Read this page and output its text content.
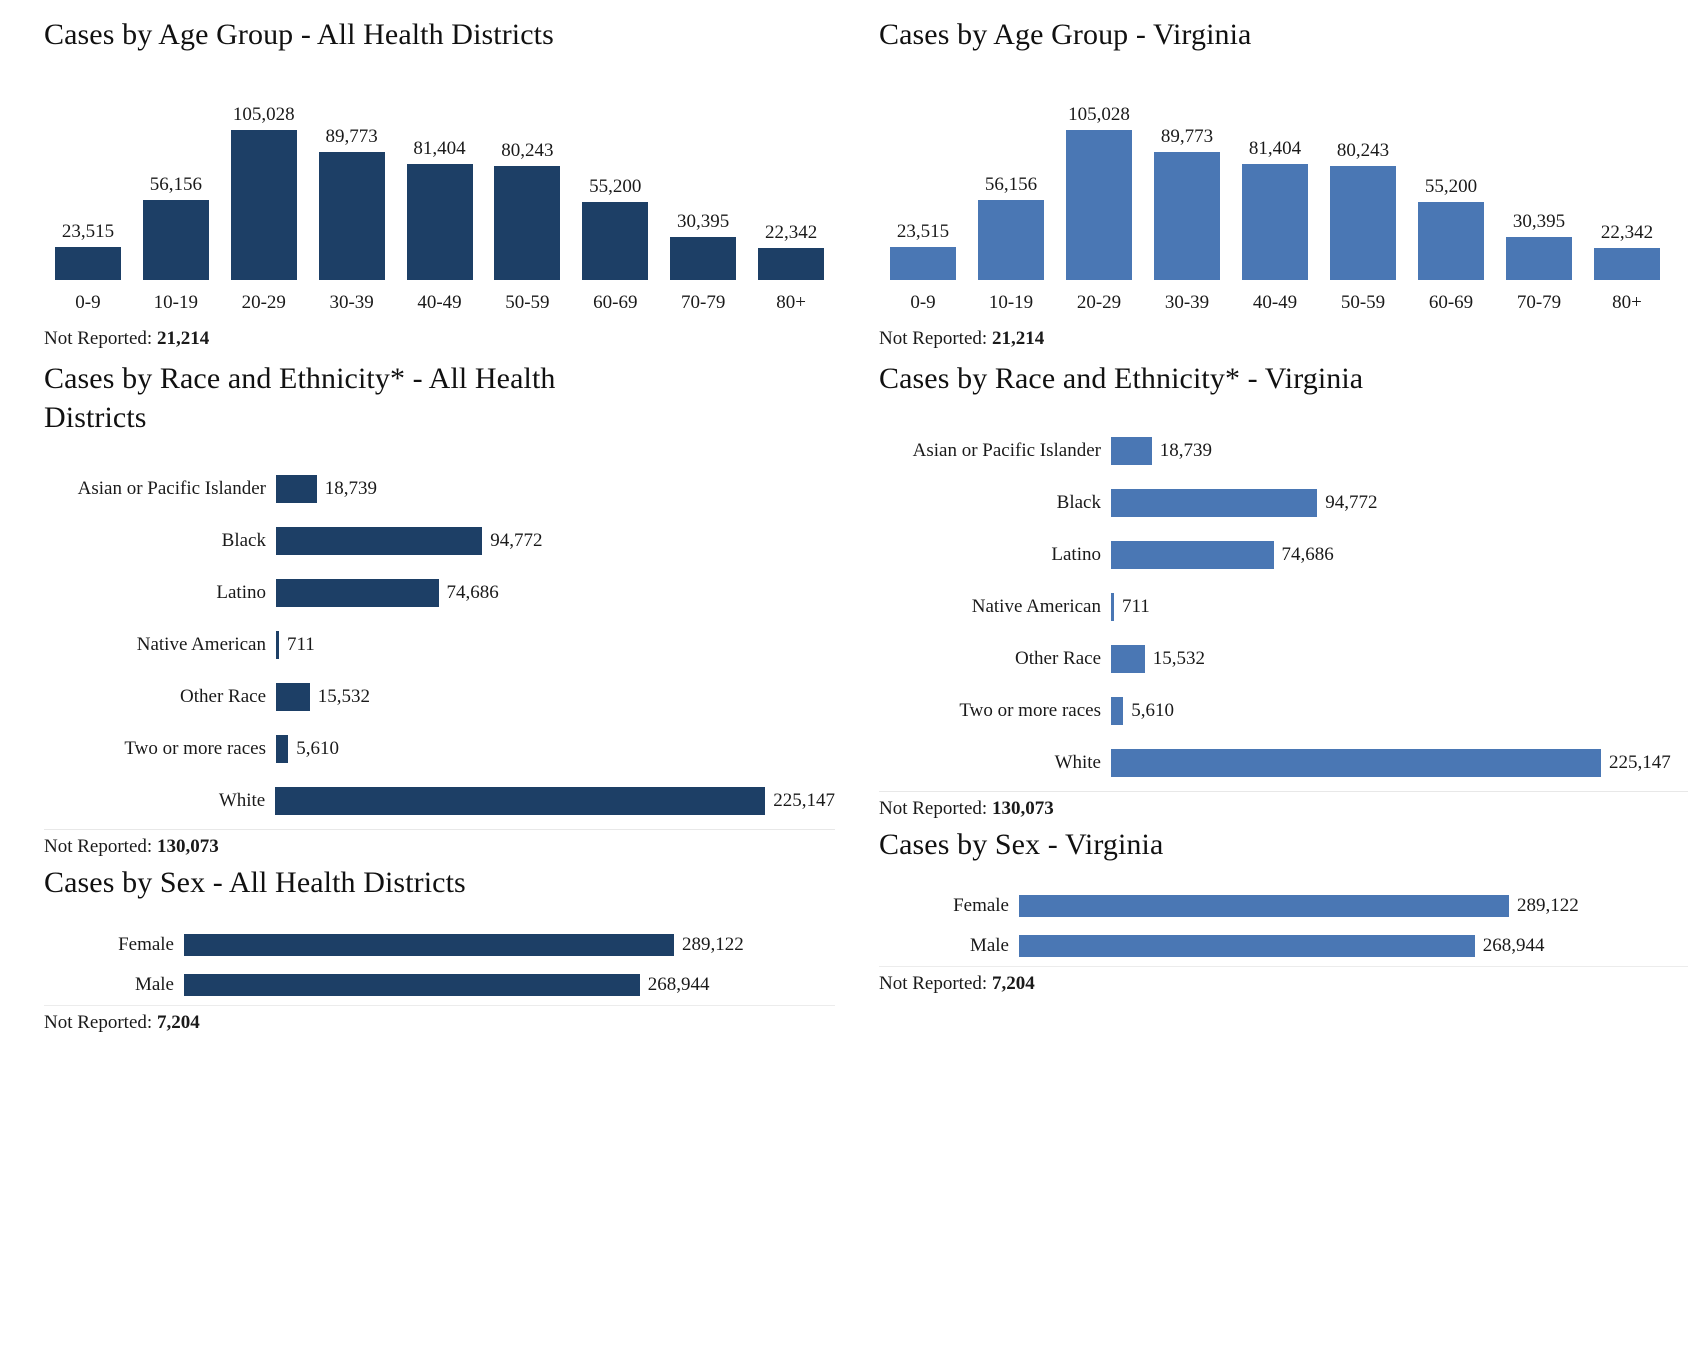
Cases by Age Group - All Health Districts
23,515
56,156
105,028
89,773
81,404 80,243
55,200
30,395
22,342
0-9	10-19	20-29	30-39	40-49	50-59	60-69	70-79	80+
Not Reported: 21,214
Cases by Race and Ethnicity* - All Health Districts
Asian or Pacific Islander	18,739
Black	94,772
Latino	74,686
Native American	711
Other Race	15,532
Two or more races	5,610
White	225,147
Not Reported: 130,073
Cases by Sex - All Health Districts
Female	289,122
Male	268,944
Not Reported: 7,204
Cases by Age Group - Virginia
23,515
56,156
105,028
89,773
81,404 80,243
55,200
30,395
22,342
0-9	10-19	20-29	30-39	40-49	50-59	60-69	70-79	80+
Not Reported: 21,214
Cases by Race and Ethnicity* - Virginia
Asian or Pacific Islander	18,739
Black	94,772
Latino	74,686
Native American	711
Other Race	15,532
Two or more races	5,610
White	225,147
Not Reported: 130,073
Cases by Sex - Virginia
Female	289,122
Male	268,944
Not Reported: 7,204
